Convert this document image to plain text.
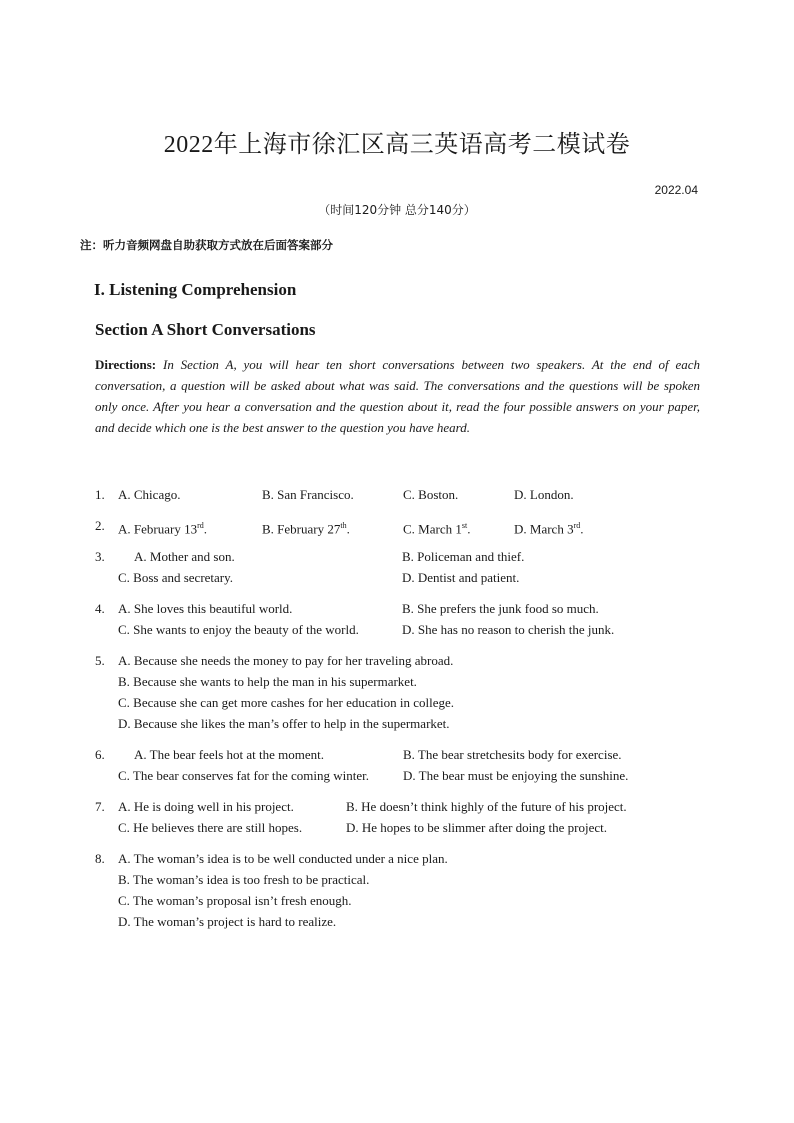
2022年上海市徐汇区高三英语高考二模试卷
2022.04
（时间120分钟 总分140分）
注：听力音频网盘自助获取方式放在后面答案部分
I. Listening Comprehension
Section A Short Conversations
Directions: In Section A, you will hear ten short conversations between two speakers. At the end of each conversation, a question will be asked about what was said. The conversations and the questions will be spoken only once. After you hear a conversation and the question about it, read the four possible answers on your paper, and decide which one is the best answer to the question you have heard.
1. A. Chicago.	B. San Francisco.	C. Boston.	D. London.
2. A. February 13rd.	B. February 27th.	C. March 1st.	D. March 3rd.
3. A. Mother and son.	B. Policeman and thief.
C. Boss and secretary.	D. Dentist and patient.
4. A. She loves this beautiful world.	B. She prefers the junk food so much.
C. She wants to enjoy the beauty of the world.	D. She has no reason to cherish the junk.
5. A. Because she needs the money to pay for her traveling abroad.
B. Because she wants to help the man in his supermarket.
C. Because she can get more cashes for her education in college.
D. Because she likes the man’s offer to help in the supermarket.
6. A. The bear feels hot at the moment.	B. The bear stretchesits body for exercise.
C. The bear conserves fat for the coming winter.	D. The bear must be enjoying the sunshine.
7. A. He is doing well in his project.	B. He doesn’t think highly of the future of his project.
C. He believes there are still hopes.	D. He hopes to be slimmer after doing the project.
8. A. The woman’s idea is to be well conducted under a nice plan.
B. The woman’s idea is too fresh to be practical.
C. The woman’s proposal isn’t fresh enough.
D. The woman’s project is hard to realize.
